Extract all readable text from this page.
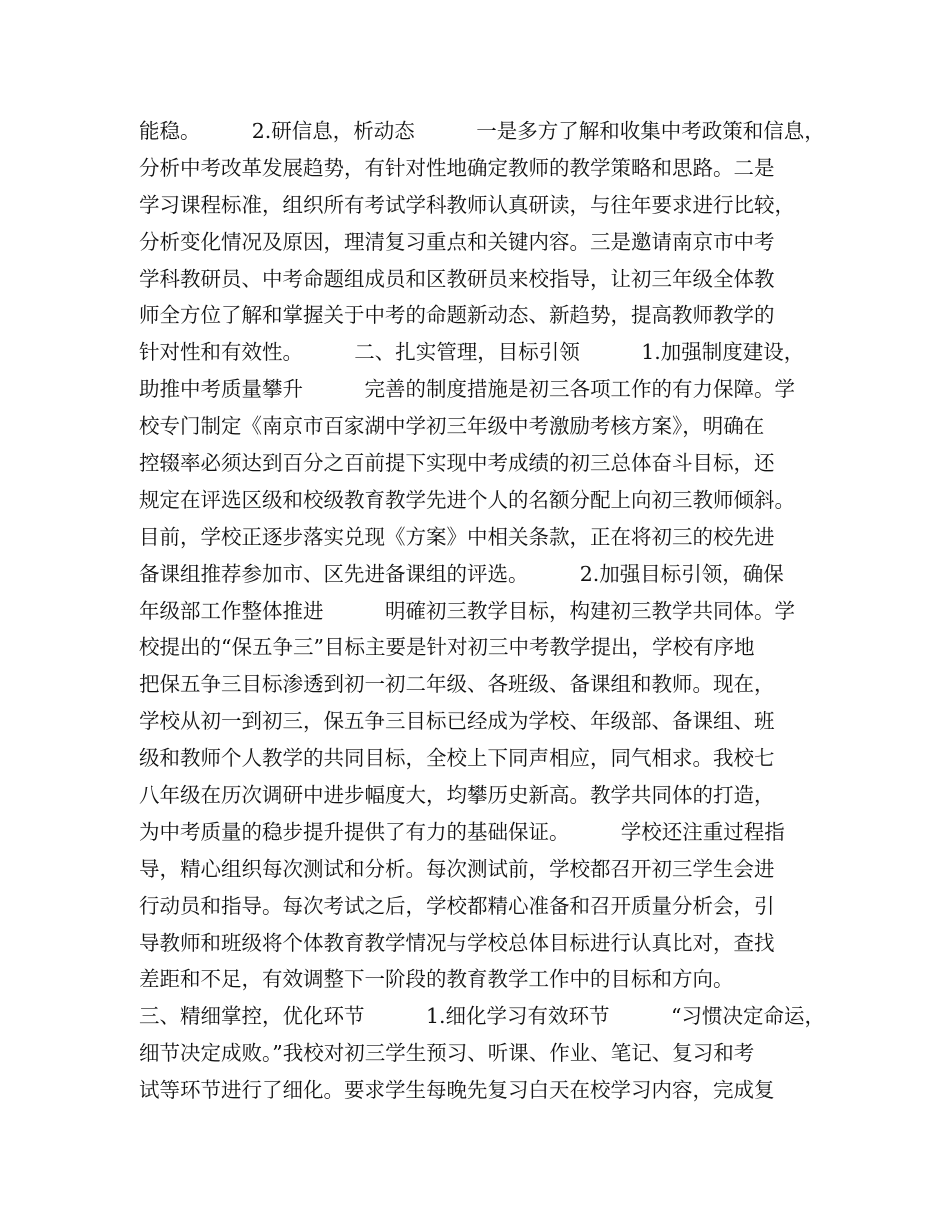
能稳。　　　2.研信息，析动态　　　一是多方了解和收集中考政策和信息，
分析中考改革发展趋势，有针对性地确定教师的教学策略和思路。二是
学习课程标准，组织所有考试学科教师认真研读，与往年要求进行比较，
分析变化情况及原因，理清复习重点和关键内容。三是邀请南京市中考
学科教研员、中考命题组成员和区教研员来校指导，让初三年级全体教
师全方位了解和掌握关于中考的命题新动态、新趋势，提高教师教学的
针对性和有效性。　　　二、扎实管理，目标引领　　　1.加强制度建设，
助推中考质量攀升　　　完善的制度措施是初三各项工作的有力保障。学
校专门制定《南京市百家湖中学初三年级中考激励考核方案》，明确在
控辍率必须达到百分之百前提下实现中考成绩的初三总体奋斗目标，还
规定在评选区级和校级教育教学先进个人的名额分配上向初三教师倾斜。
目前，学校正逐步落实兑现《方案》中相关条款，正在将初三的校先进
备课组推荐参加市、区先进备课组的评选。　　　2.加强目标引领，确保
年级部工作整体推进　　　明確初三教学目标，构建初三教学共同体。学
校提出的“保五争三”目标主要是针对初三中考教学提出，学校有序地
把保五争三目标渗透到初一初二年级、各班级、备课组和教师。现在，
学校从初一到初三，保五争三目标已经成为学校、年级部、备课组、班
级和教师个人教学的共同目标，全校上下同声相应，同气相求。我校七
八年级在历次调研中进步幅度大，均攀历史新高。教学共同体的打造，
为中考质量的稳步提升提供了有力的基础保证。　　　学校还注重过程指
导，精心组织每次测试和分析。每次测试前，学校都召开初三学生会进
行动员和指导。每次考试之后，学校都精心准备和召开质量分析会，引
导教师和班级将个体教育教学情况与学校总体目标进行认真比对，查找
差距和不足，有效调整下一阶段的教育教学工作中的目标和方向。　　　
三、精细掌控，优化环节　　　1.细化学习有效环节　　　“习惯决定命运，
细节决定成败。”我校对初三学生预习、听课、作业、笔记、复习和考
试等环节进行了细化。要求学生每晚先复习白天在校学习内容，完成复
